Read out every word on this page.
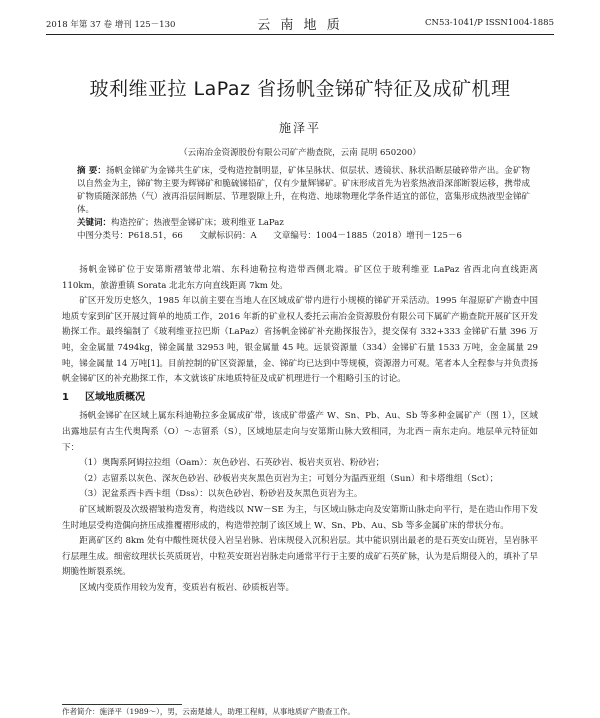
2018 年第 37 卷 增刊 125－130	云 南 地 质	CN53-1041/P ISSN1004-1885
玻利维亚拉 LaPaz 省扬帆金锑矿特征及成矿机理
施泽平
（云南冶金资源股份有限公司矿产勘查院，云南 昆明 650200）

摘 要：扬帆金锑矿为金锑共生矿床，受构造控制明显，矿体呈脉状、似层状、透镜状、脉状沿断层破碎带产出。金矿物以自然金为主，锑矿物主要为辉锑矿和脆硫锑铅矿，仅有少量辉锑矿。矿床形成首先为岩浆热液沿深部断裂运移，携带成矿物质随深部热（气）液再沿层间断层、节理裂隙上升，在构造、地球物理化学条件适宜的部位，富集形成热液型金锑矿体。

关键词：构造控矿；热液型金锑矿床；玻利维亚 LaPaz

中图分类号：P618.51，66 文献标识码：A 文章编号：1004－1885（2018）增刊－125－6

扬帆金锑矿位于安第斯褶皱带北端、东科迪勒拉构造带西侧北端。矿区位于玻利维亚 LaPaz 省西北向直线距离 110km，旅游重镇 Sorata 北北东方向直线距离 7km 处。

矿区开发历史悠久，1985 年以前主要在当地人在区域成矿带内进行小规模的锑矿开采活动。1995 年湿原矿产勘查中国地质专家到矿区开展过简单的地质工作，2016 年新的矿业权人委托云南冶金资源股份有限公司下属矿产勘查院开展矿区开发勘探工作。最终编制了《玻利维亚拉巴斯（LaPaz）省扬帆金锑矿补充勘探报告》，提交保有 332+333 金锑矿石量 396 万吨，金金属量 7494kg，锑金属量 32953 吨，银金属量 45 吨。远景资源量（334）金锑矿石量 1533 万吨，金金属量 29 吨，锑金属量 14 万吨[1]。目前控制的矿区资源量，金、锑矿均已达到中等规模，资源潜力可观。笔者本人全程参与并负责扬帆金锑矿区的补充勘探工作，本文就该矿床地质特征及成矿机理进行一个粗略引玉的讨论。

1 区域地质概况

扬帆金锑矿在区域上属东科迪勒拉多金属成矿带，该成矿带盛产 W、Sn、Pb、Au、Sb 等多种金属矿产（图 1），区域出露地层有古生代奥陶系（O）～志留系（S），区域地层走向与安第斯山脉大致相同，为北西－南东走向。地层单元特征如下：

（1）奥陶系阿姆拉拉组（Oam）：灰色砂岩、石英砂岩、板岩夹页岩、粉砂岩；

（2）志留系以灰色、深灰色砂岩、砂板岩夹灰黑色页岩为主；可划分为温西亚组（Sun）和卡塔维组（Sct）；

（3）泥盆系西卡西卡组（Dss）：以灰色砂岩、粉砂岩及灰黑色页岩为主。

矿区域断裂及次级褶皱构造发育，构造线以 NW－SE 为主，与区域山脉走向及安第斯山脉走向平行，是在造山作用下发生时地层受构造偶向挤压成推覆褶形成的，构造带控制了该区域上 W、Sn、Pb、Au、Sb 等多金属矿床的带状分布。

距离矿区约 8km 处有中酸性斑状侵入岩呈岩脉、岩床规侵入沉积岩层。其中能识别出最老的是石英安山斑岩，呈岩脉平行层理生成。细密纹理状长英质斑岩，中粒英安斑岩岩脉走向通常平行于主要的成矿石英矿脉，认为是后期侵入的，填补了早期脆性断裂系统。

区域内变质作用较为发育，变质岩有板岩、砂质板岩等。

作者简介：施泽平（1989～），男，云南楚雄人，助理工程师，从事地质矿产勘查工作。
